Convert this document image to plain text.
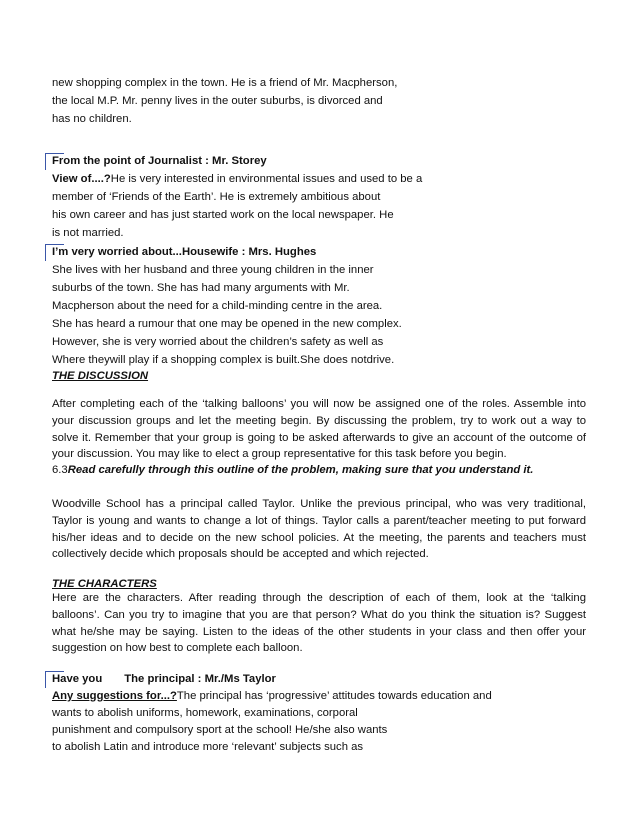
new shopping complex in the town. He is a friend of Mr. Macpherson,
the local M.P. Mr. penny lives in the outer suburbs, is divorced and
has no children.
From the point of Journalist : Mr. Storey
View of....?He is very interested in environmental issues and used to be a
member of ‘Friends of the Earth’. He is extremely ambitious about
his own career and has just started work on the local newspaper. He
is not married.
I’m very worried about...Housewife : Mrs. Hughes
She lives with her husband and three young children in the inner
suburbs of the town. She has had many arguments with Mr.
Macpherson about the need for a child-minding centre in the area.
She has heard a rumour that one may be opened in the new complex.
However, she is very worried about the children’s safety as well as
Where theywill play if a shopping complex is built.She does notdrive.
THE DISCUSSION
After completing each of the ‘talking balloons’ you will now be assigned one of the roles. Assemble into your discussion groups and let the meeting begin. By discussing the problem, try to work out a way to solve it. Remember that your group is going to be asked afterwards to give an account of the outcome of your discussion. You may like to elect a group representative for this task before you begin.
6.3Read carefully through this outline of the problem, making sure that you understand it.
Woodville School has a principal called Taylor. Unlike the previous principal, who was very traditional, Taylor is young and wants to change a lot of things. Taylor calls a parent/teacher meeting to put forward his/her ideas and to decide on the new school policies. At the meeting, the parents and teachers must collectively decide which proposals should be accepted and which rejected.
THE CHARACTERS
Here are the characters. After reading through the description of each of them, look at the ‘talking balloons’. Can you try to imagine that you are that person? What do you think the situation is? Suggest what he/she may be saying. Listen to the ideas of the other students in your class and then offer your suggestion on how best to complete each balloon.
Have you The principal : Mr./Ms Taylor
Any suggestions for...?The principal has ‘progressive’ attitudes towards education and
wants to abolish uniforms, homework, examinations, corporal
punishment and compulsory sport at the school! He/she also wants
to abolish Latin and introduce more ‘relevant’ subjects such as
